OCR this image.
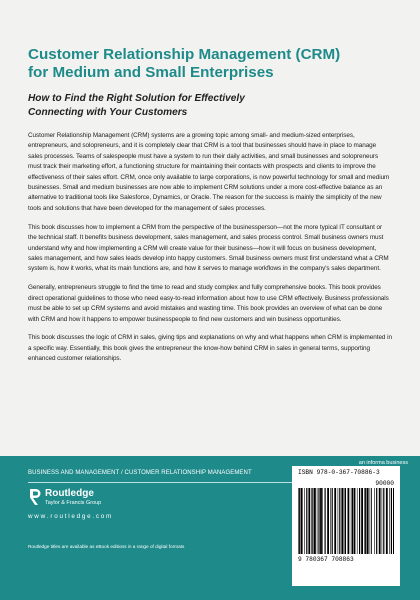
Customer Relationship Management (CRM)
for Medium and Small Enterprises
How to Find the Right Solution for Effectively
Connecting with Your Customers

Customer Relationship Management (CRM) systems are a growing topic among small- and medium-sized enterprises, entrepreneurs, and solopreneurs, and it is completely clear that CRM is a tool that businesses should have in place to manage sales processes. Teams of salespeople must have a system to run their daily activities, and small businesses and solopreneurs must track their marketing effort, a functioning structure for maintaining their contacts with prospects and clients to improve the effectiveness of their sales effort. CRM, once only available to large corporations, is now powerful technology for small and medium businesses. Small and medium businesses are now able to implement CRM solutions under a more cost-effective balance as an alternative to traditional tools like Salesforce, Dynamics, or Oracle. The reason for the success is mainly the simplicity of the new tools and solutions that have been developed for the management of sales processes.

This book discusses how to implement a CRM from the perspective of the businessperson—not the more typical IT consultant or the technical staff. It benefits business development, sales management, and sales process control. Small business owners must understand why and how implementing a CRM will create value for their business—how it will focus on business development, sales management, and how sales leads develop into happy customers. Small business owners must first understand what a CRM system is, how it works, what its main functions are, and how it serves to manage workflows in the company's sales department.

Generally, entrepreneurs struggle to find the time to read and study complex and fully comprehensive books. This book provides direct operational guidelines to those who need easy-to-read information about how to use CRM effectively. Business professionals must be able to set up CRM systems and avoid mistakes and wasting time. This book provides an overview of what can be done with CRM and how it happens to empower businesspeople to find new customers and win business opportunities.

This book discusses the logic of CRM in sales, giving tips and explanations on why and what happens when CRM is implemented in a specific way. Essentially, this book gives the entrepreneur the know-how behind CRM in sales in general terms, supporting enhanced customer relationships.

an informa business
BUSINESS AND MANAGEMENT / CUSTOMER RELATIONSHIP MANAGEMENT
Routledge
Taylor & Francis Group
w w w . r o u t l e d g e . c o m
Routledge titles are available as eBook editions in a range of digital formats
ISBN 978-0-367-70886-3
90000
9 780367 708863
